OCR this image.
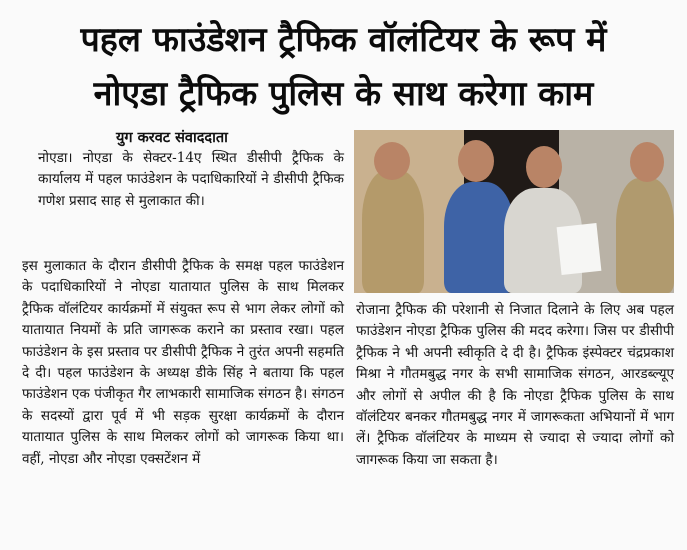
पहल फाउंडेशन ट्रैफिक वॉलंटियर के रूप में
नोएडा ट्रैफिक पुलिस के साथ करेगा काम
युग करवट संवाददाता

नोएडा। नोएडा के सेक्टर-14ए स्थित डीसीपी ट्रैफिक के कार्यालय में पहल फाउंडेशन के पदाधिकारियों ने डीसीपी ट्रैफिक गणेश प्रसाद साह से मुलाकात की।

इस मुलाकात के दौरान डीसीपी ट्रैफिक के समक्ष पहल फाउंडेशन के पदाधिकारियों ने नोएडा यातायात पुलिस के साथ मिलकर ट्रैफिक वॉलंटियर कार्यक्रमों में संयुक्त रूप से भाग लेकर लोगों को यातायात नियमों के प्रति जागरूक कराने का प्रस्ताव रखा। पहल फाउंडेशन के इस प्रस्ताव पर डीसीपी ट्रैफिक ने तुरंत अपनी सहमति दे दी। पहल फाउंडेशन के अध्यक्ष डीके सिंह ने बताया कि पहल फाउंडेशन एक पंजीकृत गैर लाभकारी सामाजिक संगठन है। संगठन के सदस्यों द्वारा पूर्व में भी सड़क सुरक्षा कार्यक्रमों के दौरान यातायात पुलिस के साथ मिलकर लोगों को जागरूक किया था। वहीं, नोएडा और नोएडा एक्सटेंशन में

रोजाना ट्रैफिक की परेशानी से निजात दिलाने के लिए अब पहल फाउंडेशन नोएडा ट्रैफिक पुलिस की मदद करेगा। जिस पर डीसीपी ट्रैफिक ने भी अपनी स्वीकृति दे दी है। ट्रैफिक इंस्पेक्टर चंद्रप्रकाश मिश्रा ने गौतमबुद्ध नगर के सभी सामाजिक संगठन, आरडब्ल्यूए और लोगों से अपील की है कि नोएडा ट्रैफिक पुलिस के साथ वॉलंटियर बनकर गौतमबुद्ध नगर में जागरूकता अभियानों में भाग लें। ट्रैफिक वॉलंटियर के माध्यम से ज्यादा से ज्यादा लोगों को जागरूक किया जा सकता है।
